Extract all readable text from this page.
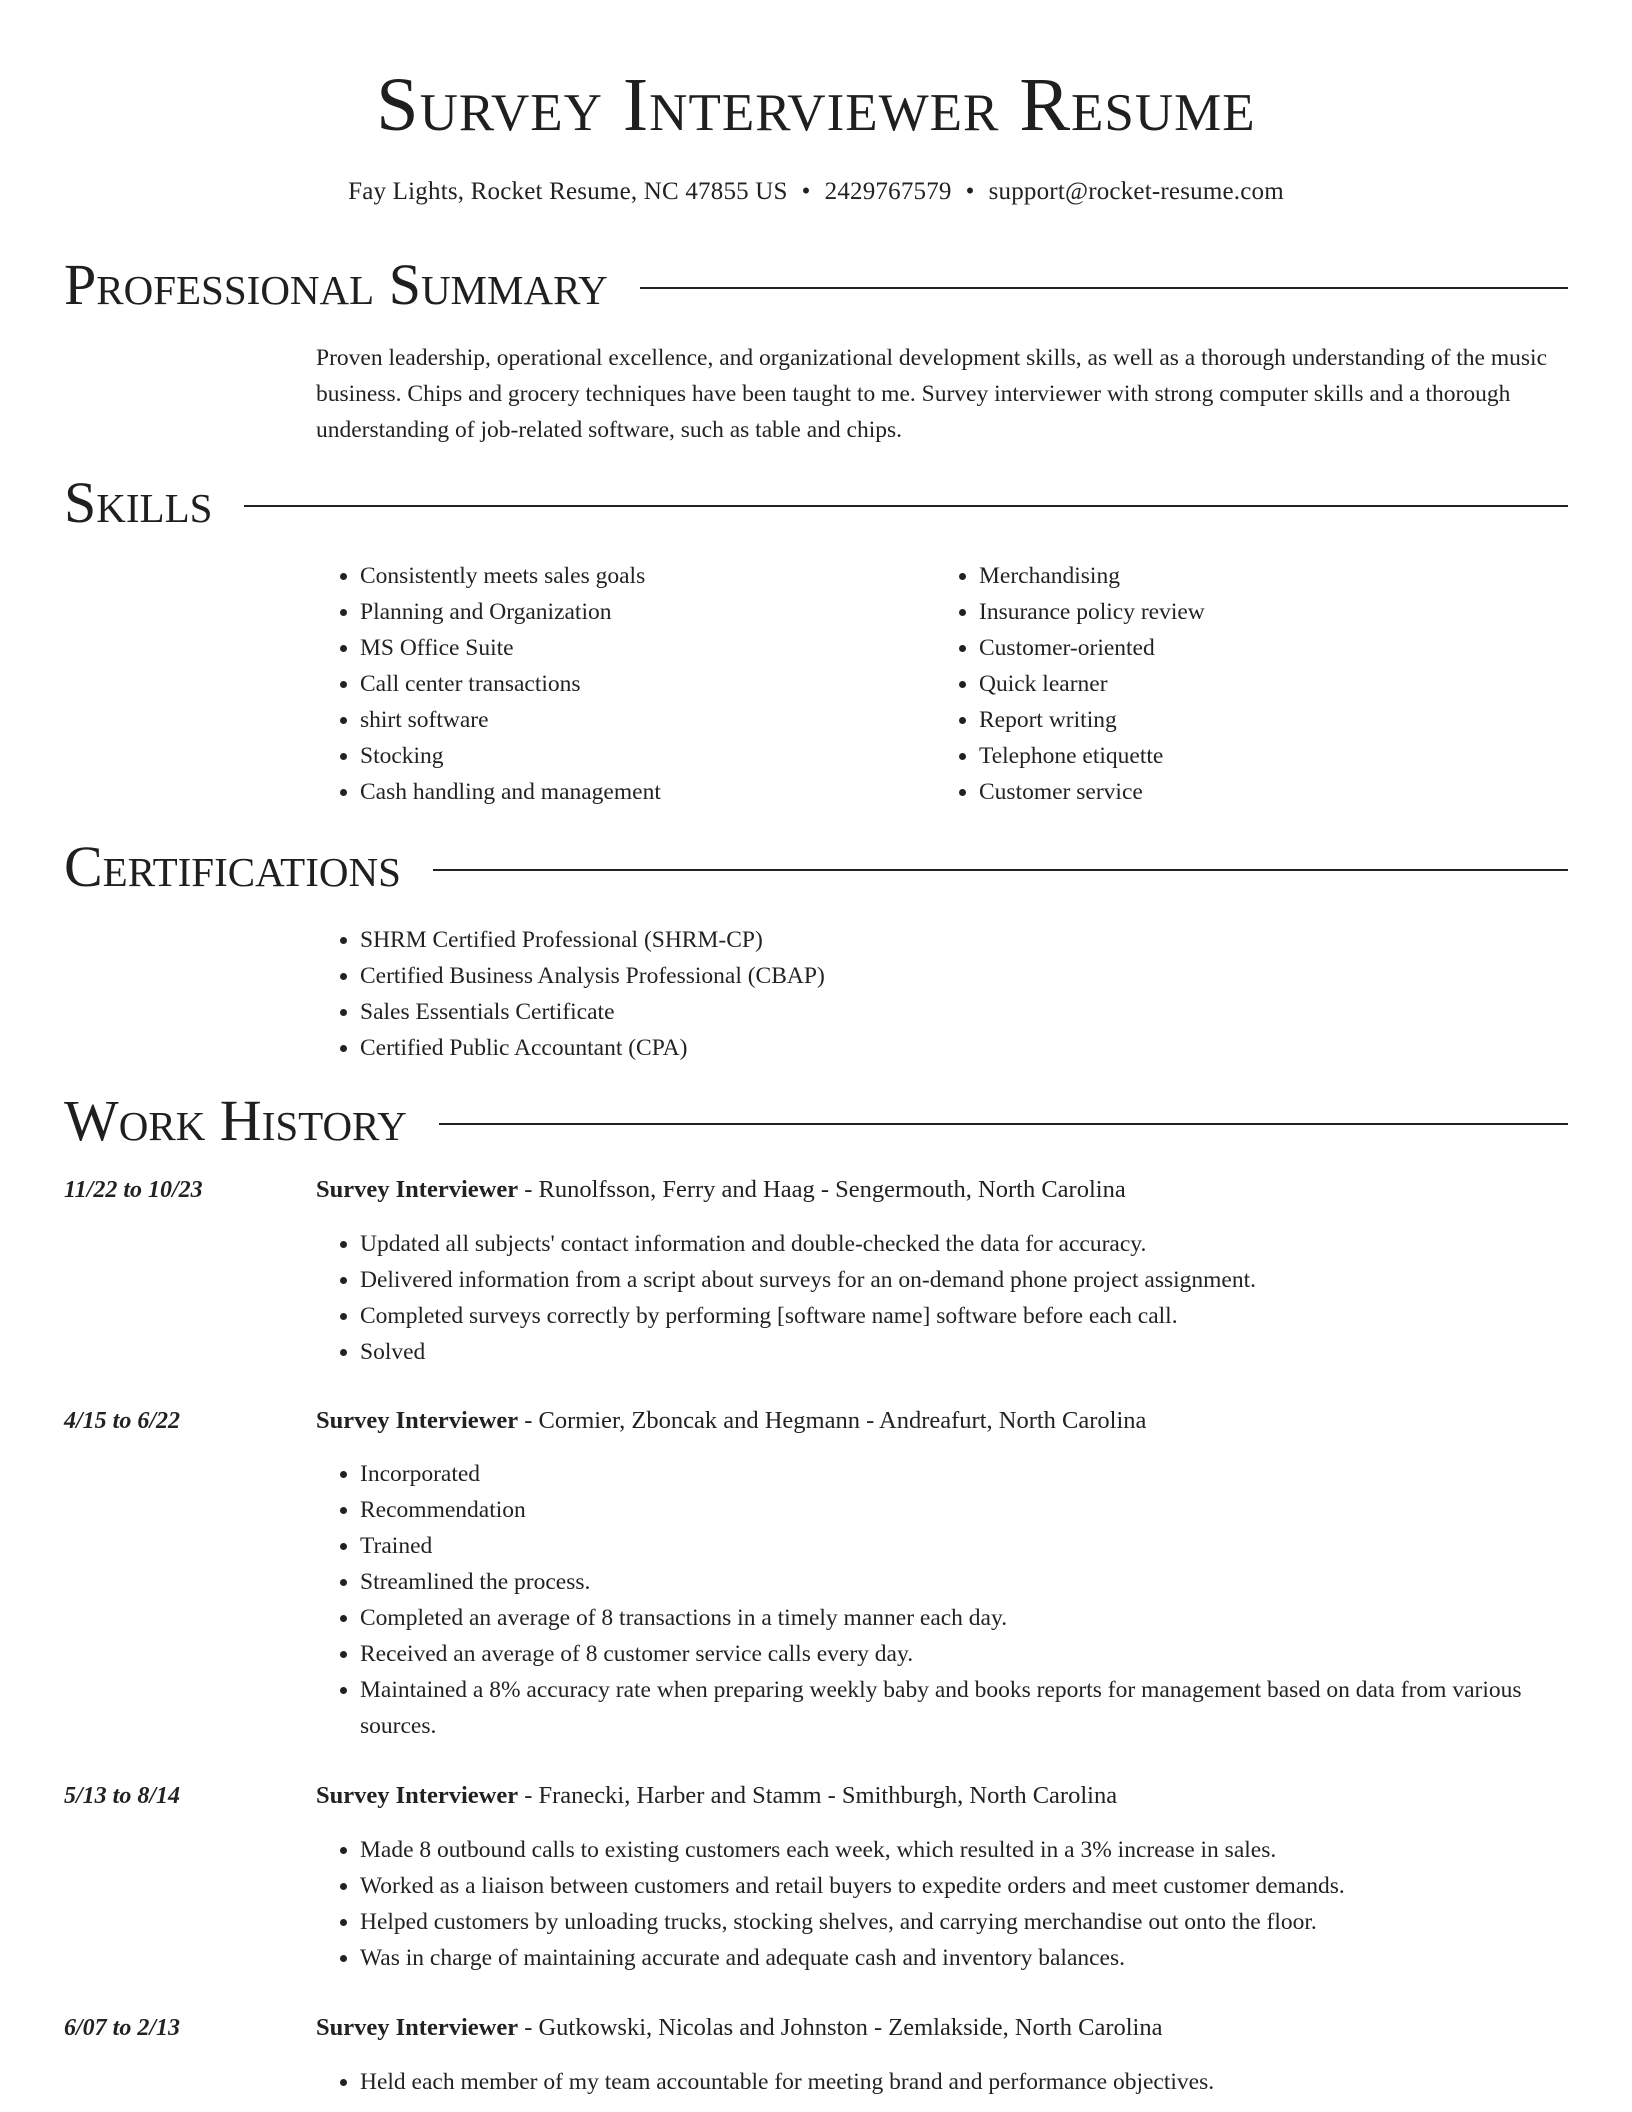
Survey Interviewer Resume
Fay Lights, Rocket Resume, NC 47855 US • 2429767579 • support@rocket-resume.com
Professional Summary
Proven leadership, operational excellence, and organizational development skills, as well as a thorough understanding of the music business. Chips and grocery techniques have been taught to me. Survey interviewer with strong computer skills and a thorough understanding of job-related software, such as table and chips.
Skills
• Consistently meets sales goals
• Planning and Organization
• MS Office Suite
• Call center transactions
• shirt software
• Stocking
• Cash handling and management
• Merchandising
• Insurance policy review
• Customer-oriented
• Quick learner
• Report writing
• Telephone etiquette
• Customer service
Certifications
• SHRM Certified Professional (SHRM-CP)
• Certified Business Analysis Professional (CBAP)
• Sales Essentials Certificate
• Certified Public Accountant (CPA)
Work History
11/22 to 10/23	Survey Interviewer - Runolfsson, Ferry and Haag - Sengermouth, North Carolina
• Updated all subjects' contact information and double-checked the data for accuracy.
• Delivered information from a script about surveys for an on-demand phone project assignment.
• Completed surveys correctly by performing [software name] software before each call.
• Solved
4/15 to 6/22	Survey Interviewer - Cormier, Zboncak and Hegmann - Andreafurt, North Carolina
• Incorporated
• Recommendation
• Trained
• Streamlined the process.
• Completed an average of 8 transactions in a timely manner each day.
• Received an average of 8 customer service calls every day.
• Maintained a 8% accuracy rate when preparing weekly baby and books reports for management based on data from various sources.
5/13 to 8/14	Survey Interviewer - Franecki, Harber and Stamm - Smithburgh, North Carolina
• Made 8 outbound calls to existing customers each week, which resulted in a 3% increase in sales.
• Worked as a liaison between customers and retail buyers to expedite orders and meet customer demands.
• Helped customers by unloading trucks, stocking shelves, and carrying merchandise out onto the floor.
• Was in charge of maintaining accurate and adequate cash and inventory balances.
6/07 to 2/13	Survey Interviewer - Gutkowski, Nicolas and Johnston - Zemlakside, North Carolina
• Held each member of my team accountable for meeting brand and performance objectives.
